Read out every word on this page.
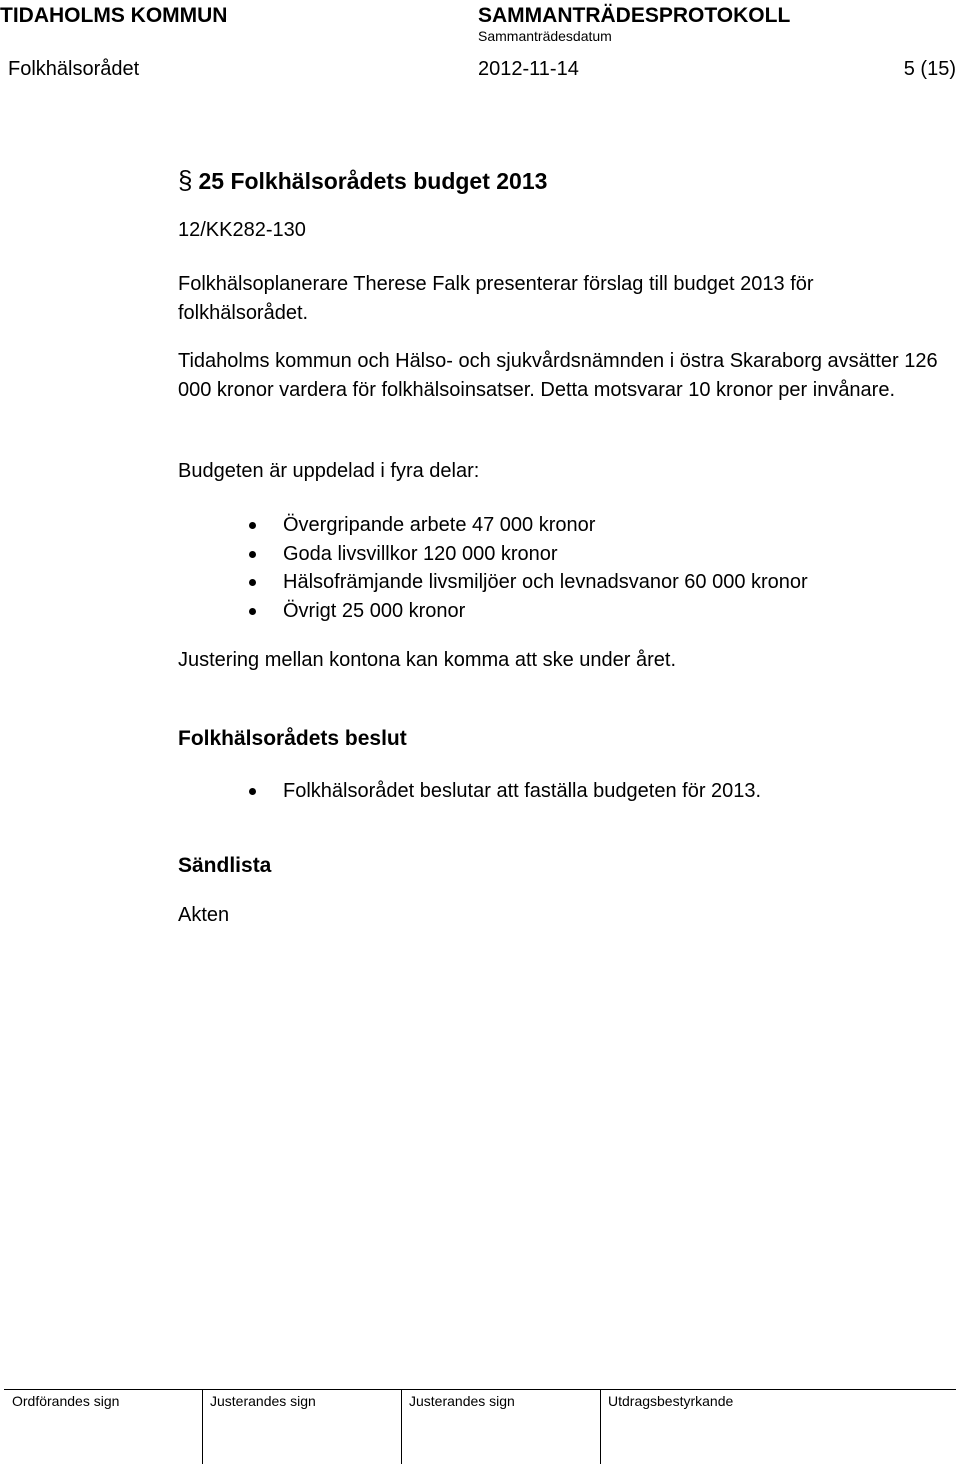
TIDAHOLMS KOMMUN	SAMMANTRÄDESPROTOKOLL
Sammanträdesdatum
Folkhälsorådet	2012-11-14	5 (15)
§ 25 Folkhälsorådets budget 2013
12/KK282-130
Folkhälsoplanerare Therese Falk presenterar förslag till budget 2013 för folkhälsorådet.
Tidaholms kommun och Hälso- och sjukvårdsnämnden i östra Skaraborg avsätter 126 000 kronor vardera för folkhälsoinsatser. Detta motsvarar 10 kronor per invånare.
Budgeten är uppdelad i fyra delar:
Övergripande arbete 47 000 kronor
Goda livsvillkor 120 000 kronor
Hälsofrämjande livsmiljöer och levnadsvanor 60 000 kronor
Övrigt 25 000 kronor
Justering mellan kontona kan komma att ske under året.
Folkhälsorådets beslut
Folkhälsorådet beslutar att faställa budgeten för 2013.
Sändlista
Akten
Ordförandes sign	Justerandes sign	Justerandes sign	Utdragsbestyrkande
